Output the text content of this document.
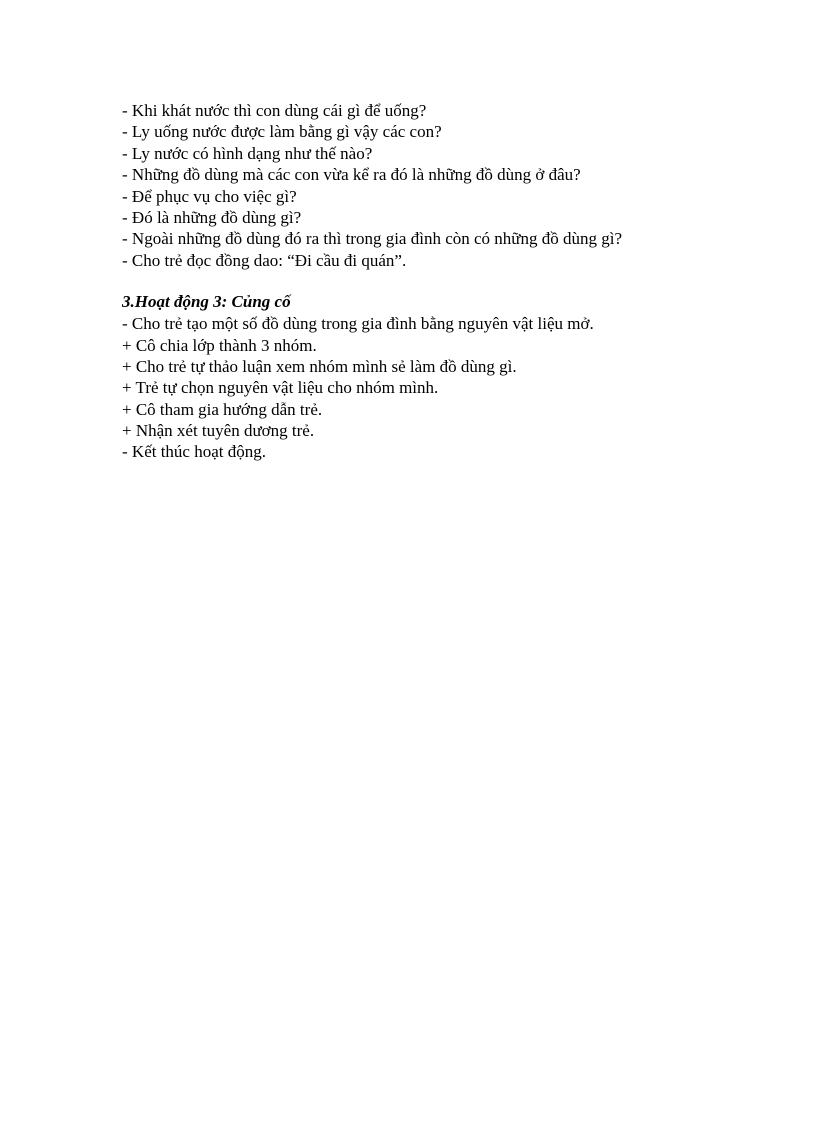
- Khi khát nước thì con dùng cái gì để uống?
- Ly uống nước được làm bằng gì vậy các con?
- Ly nước có hình dạng như thế nào?
- Những đồ dùng mà các con vừa kể ra đó là những đồ dùng ở đâu?
- Để phục vụ cho việc gì?
- Đó là những đồ dùng gì?
- Ngoài những đồ dùng đó ra thì trong gia đình còn có những đồ dùng gì?
- Cho trẻ đọc đồng dao: “Đi cầu đi quán”.
3.Hoạt động 3: Củng cố
- Cho trẻ tạo một số đồ dùng trong gia đình bằng nguyên vật liệu mở.
+ Cô chia lớp thành 3 nhóm.
+ Cho trẻ tự thảo luận xem nhóm mình sẻ làm đồ dùng gì.
+ Trẻ tự chọn nguyên vật liệu cho nhóm mình.
+ Cô tham gia hướng dẫn trẻ.
+ Nhận xét tuyên dương trẻ.
- Kết thúc hoạt động.
